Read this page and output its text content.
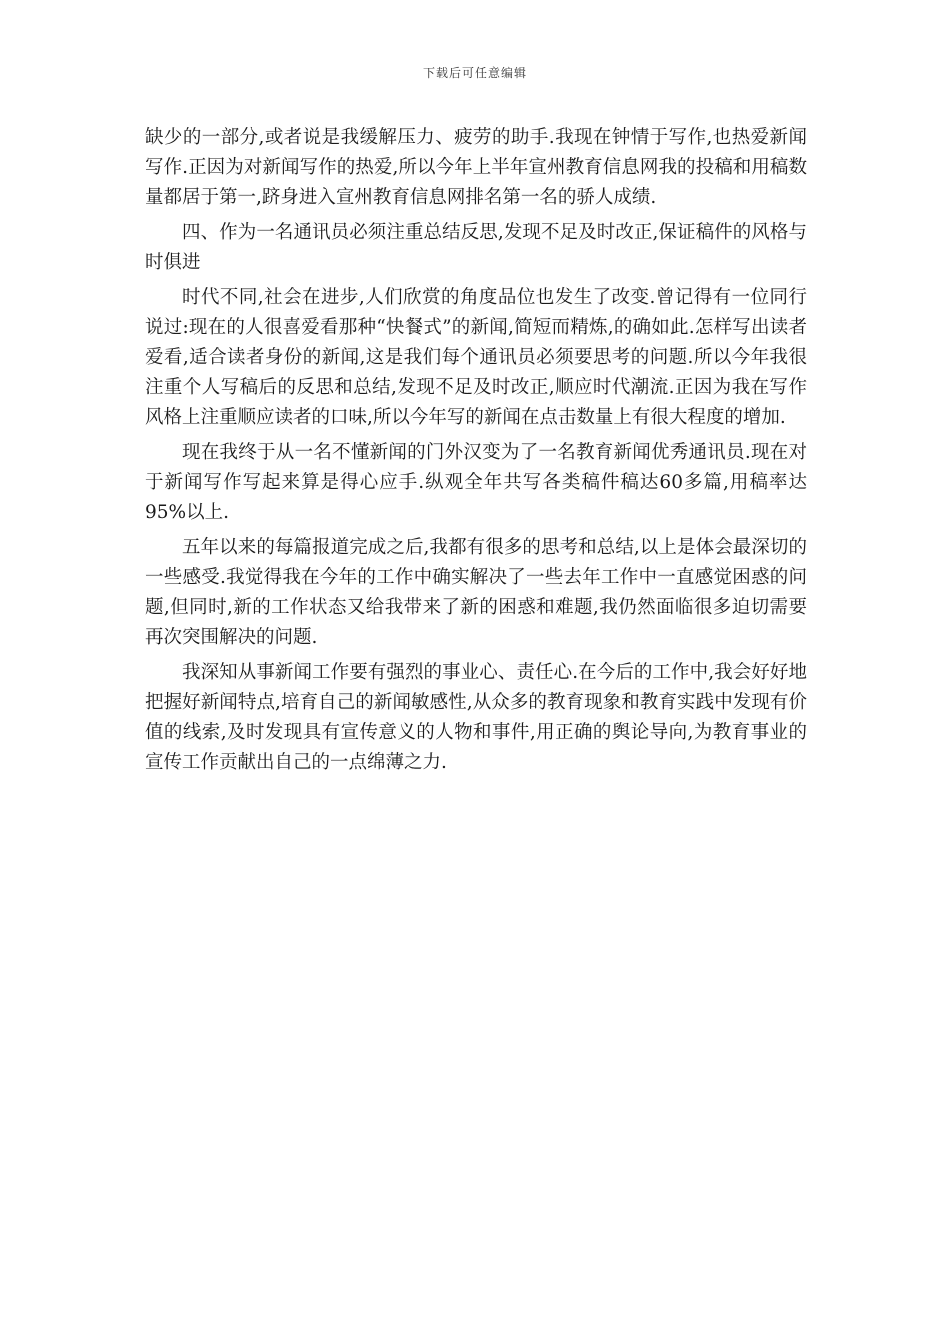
下载后可任意编辑

缺少的一部分,或者说是我缓解压力、疲劳的助手.我现在钟情于写作,也热爱新闻写作.正因为对新闻写作的热爱,所以今年上半年宣州教育信息网我的投稿和用稿数量都居于第一,跻身进入宣州教育信息网排名第一名的骄人成绩.

四、作为一名通讯员必须注重总结反思,发现不足及时改正,保证稿件的风格与时俱进

时代不同,社会在进步,人们欣赏的角度品位也发生了改变.曾记得有一位同行说过:现在的人很喜爱看那种“快餐式”的新闻,简短而精炼,的确如此.怎样写出读者爱看,适合读者身份的新闻,这是我们每个通讯员必须要思考的问题.所以今年我很注重个人写稿后的反思和总结,发现不足及时改正,顺应时代潮流.正因为我在写作风格上注重顺应读者的口味,所以今年写的新闻在点击数量上有很大程度的增加.

现在我终于从一名不懂新闻的门外汉变为了一名教育新闻优秀通讯员.现在对于新闻写作写起来算是得心应手.纵观全年共写各类稿件稿达60多篇,用稿率达95%以上.

五年以来的每篇报道完成之后,我都有很多的思考和总结,以上是体会最深切的一些感受.我觉得我在今年的工作中确实解决了一些去年工作中一直感觉困惑的问题,但同时,新的工作状态又给我带来了新的困惑和难题,我仍然面临很多迫切需要再次突围解决的问题.

我深知从事新闻工作要有强烈的事业心、责任心.在今后的工作中,我会好好地把握好新闻特点,培育自己的新闻敏感性,从众多的教育现象和教育实践中发现有价值的线索,及时发现具有宣传意义的人物和事件,用正确的舆论导向,为教育事业的宣传工作贡献出自己的一点绵薄之力.
